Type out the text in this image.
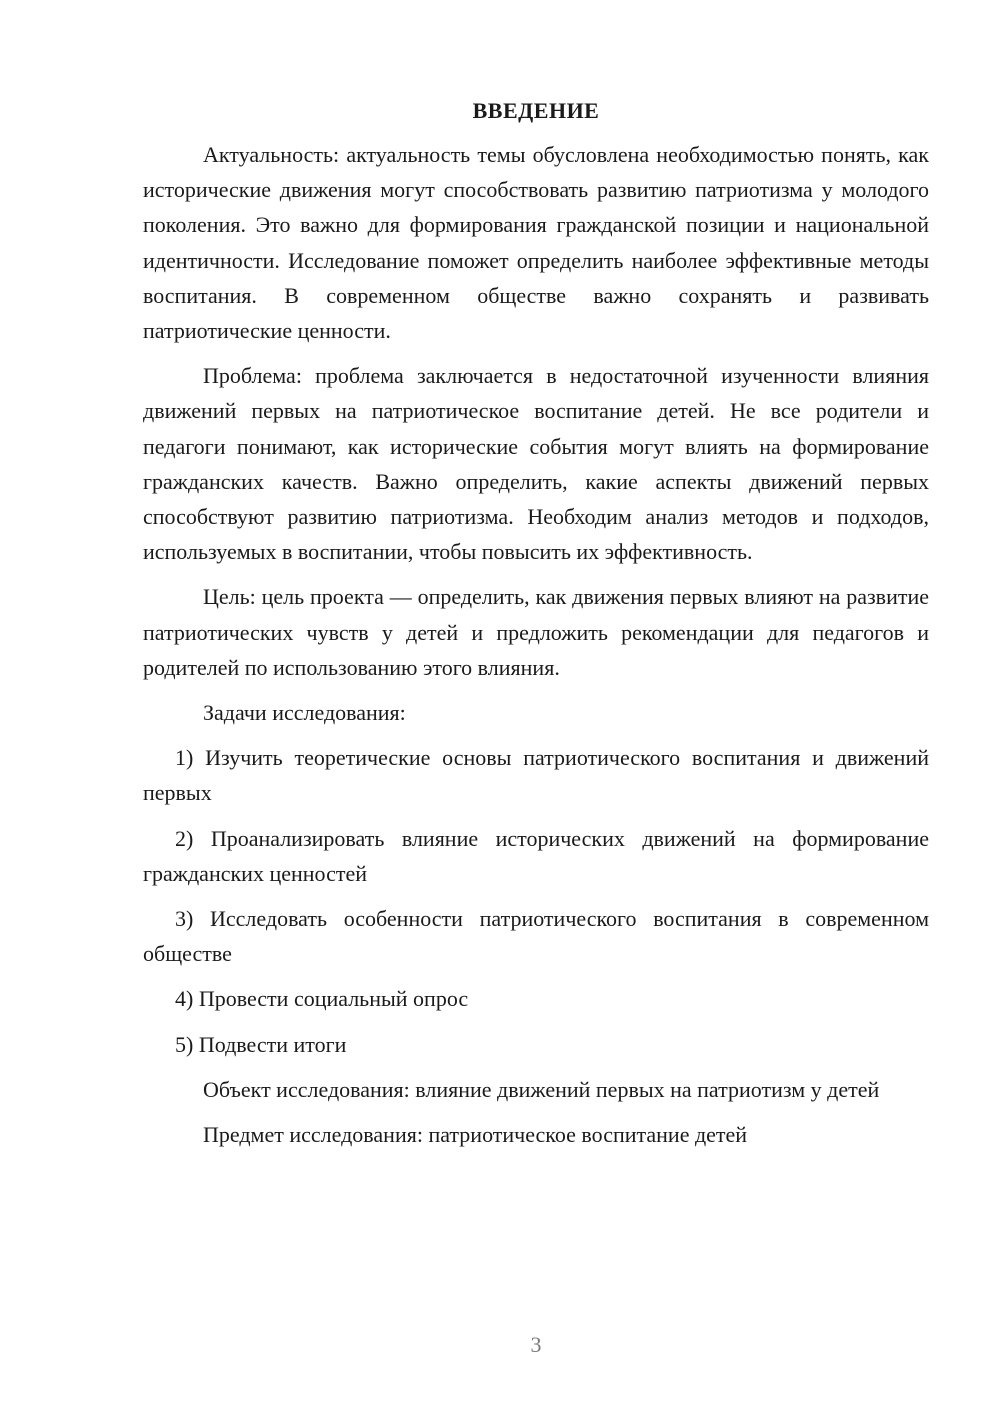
ВВЕДЕНИЕ

Актуальность: актуальность темы обусловлена необходимостью понять, как исторические движения могут способствовать развитию патриотизма у молодого поколения. Это важно для формирования гражданской позиции и национальной идентичности. Исследование поможет определить наиболее эффективные методы воспитания. В современном обществе важно сохранять и развивать патриотические ценности.

Проблема: проблема заключается в недостаточной изученности влияния движений первых на патриотическое воспитание детей. Не все родители и педагоги понимают, как исторические события могут влиять на формирование гражданских качеств. Важно определить, какие аспекты движений первых способствуют развитию патриотизма. Необходим анализ методов и подходов, используемых в воспитании, чтобы повысить их эффективность.

Цель: цель проекта — определить, как движения первых влияют на развитие патриотических чувств у детей и предложить рекомендации для педагогов и родителей по использованию этого влияния.

Задачи исследования:

1) Изучить теоретические основы патриотического воспитания и движений первых

2) Проанализировать влияние исторических движений на формирование гражданских ценностей

3) Исследовать особенности патриотического воспитания в современном обществе

4) Провести социальный опрос

5) Подвести итоги

Объект исследования: влияние движений первых на патриотизм у детей

Предмет исследования: патриотическое воспитание детей

3
